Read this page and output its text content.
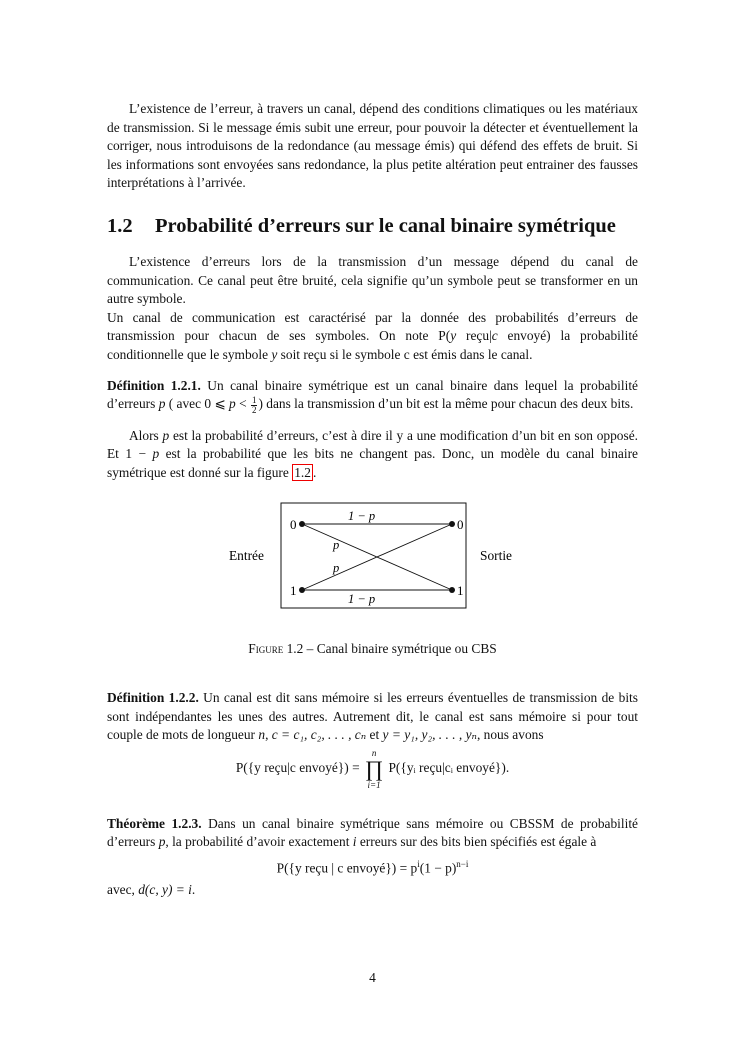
L’existence de l’erreur, à travers un canal, dépend des conditions climatiques ou les matériaux de transmission. Si le message émis subit une erreur, pour pouvoir la détecter et éventuellement la corriger, nous introduisons de la redondance (au message émis) qui défend des effets de bruit. Si les informations sont envoyées sans redondance, la plus petite altération peut entrainer des fausses interprétations à l’arrivée.

1.2 Probabilité d’erreurs sur le canal binaire symétrique

L’existence d’erreurs lors de la transmission d’un message dépend du canal de communication. Ce canal peut être bruité, cela signifie qu’un symbole peut se transformer en un autre symbole.

Un canal de communication est caractérisé par la donnée des probabilités d’erreurs de transmission pour chacun de ses symboles. On note P(y reçu|c envoyé) la probabilité conditionnelle que le symbole y soit reçu si le symbole c est émis dans le canal.

Définition 1.2.1. Un canal binaire symétrique est un canal binaire dans lequel la probabilité d’erreurs p ( avec 0 ⩽ $p < \frac{1}{2}$ ) dans la transmission d’un bit est la même pour chacun des deux bits.

Alors p est la probabilité d’erreurs, c’est à dire il y a une modification d’un bit en son opposé. Et 1 − p est la probabilité que les bits ne changent pas. Donc, un modèle du canal binaire symétrique est donné sur la figure 1.2 .

0
1
0
1
1 − p
1 − p
p
p
Entrée	Sortie
Figure 1.2 – Canal binaire symétrique ou CBS

Définition 1.2.2. Un canal est dit sans mémoire si les erreurs éventuelles de transmission de bits sont indépendantes les unes des autres. Autrement dit, le canal est sans mémoire si pour tout couple de mots de longueur n, c = c₁, c₂, . . . , cₙ et y = y₁, y₂, . . . , yₙ, nous avons

P({y reçu|c envoyé}) =
n
∏
i=1
P({yᵢ reçu|cᵢ envoyé}).

Théorème 1.2.3. Dans un canal binaire symétrique sans mémoire ou CBSSM de probabilité d’erreurs p, la probabilité d’avoir exactement i erreurs sur des bits bien spécifiés est égale à

P({y reçu | c envoyé}) = $p^i(1 - p)^{n-i}$

avec, d(c, y) = i.

4
